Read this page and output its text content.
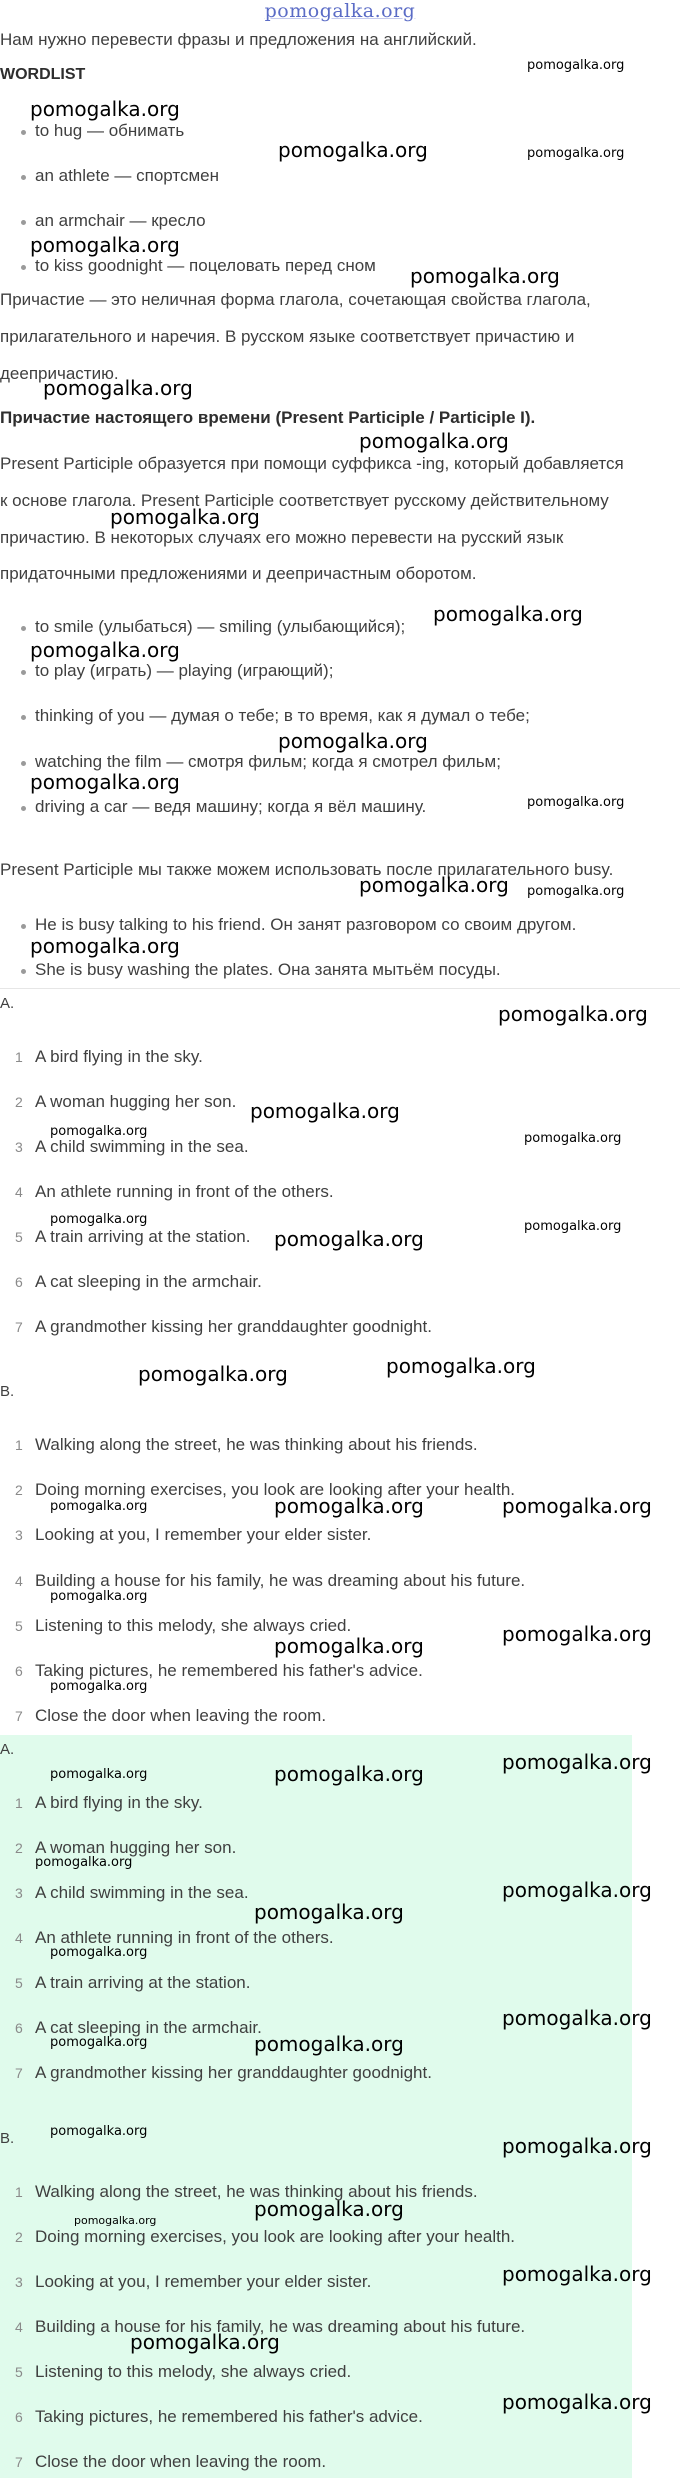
pomogalka.org
Нам нужно перевести фразы и предложения на английский.
WORDLIST
to hug — обнимать
an athlete — спортсмен
an armchair — кресло
to kiss goodnight — поцеловать перед сном
Причастие — это неличная форма глагола, сочетающая свойства глагола,
прилагательного и наречия. В русском языке соответствует причастию и
деепричастию.
Причастие настоящего времени (Present Participle / Participle I).
Present Participle образуется при помощи суффикса -ing, который добавляется
к основе глагола. Present Participle соответствует русскому действительному
причастию. В некоторых случаях его можно перевести на русский язык
придаточными предложениями и деепричастным оборотом.
to smile (улыбаться) — smiling (улыбающийся);
to play (играть) — playing (играющий);
thinking of you — думая о тебе; в то время, как я думал о тебе;
watching the film — смотря фильм; когда я смотрел фильм;
driving a car — ведя машину; когда я вёл машину.
Present Participle мы также можем использовать после прилагательного busy.
He is busy talking to his friend. Он занят разговором со своим другом.
She is busy washing the plates. Она занята мытьём посуды.
A.
1 A bird flying in the sky.
2 A woman hugging her son.
3 A child swimming in the sea.
4 An athlete running in front of the others.
5 A train arriving at the station.
6 A cat sleeping in the armchair.
7 A grandmother kissing her granddaughter goodnight.
B.
1 Walking along the street, he was thinking about his friends.
2 Doing morning exercises, you look are looking after your health.
3 Looking at you, I remember your elder sister.
4 Building a house for his family, he was dreaming about his future.
5 Listening to this melody, she always cried.
6 Taking pictures, he remembered his father's advice.
7 Close the door when leaving the room.
A.
1 A bird flying in the sky.
2 A woman hugging her son.
3 A child swimming in the sea.
4 An athlete running in front of the others.
5 A train arriving at the station.
6 A cat sleeping in the armchair.
7 A grandmother kissing her granddaughter goodnight.
B.
1 Walking along the street, he was thinking about his friends.
2 Doing morning exercises, you look are looking after your health.
3 Looking at you, I remember your elder sister.
4 Building a house for his family, he was dreaming about his future.
5 Listening to this melody, she always cried.
6 Taking pictures, he remembered his father's advice.
7 Close the door when leaving the room.
pomogalka.org
pomogalka.org
pomogalka.org	pomogalka.org
pomogalka.org
pomogalka.org
pomogalka.org
pomogalka.org
pomogalka.org
pomogalka.org
pomogalka.org
pomogalka.org
pomogalka.org
pomogalka.org
pomogalka.org pomogalka.org
pomogalka.org
pomogalka.org
pomogalka.org
pomogalka.org	pomogalka.org
pomogalka.org	pomogalka.org
pomogalka.org
pomogalka.org
pomogalka.org
pomogalka.org	pomogalka.org	pomogalka.org
pomogalka.org
pomogalka.org
pomogalka.org
pomogalka.org
pomogalka.org
pomogalka.org	pomogalka.org
pomogalka.org
pomogalka.org
pomogalka.org
pomogalka.org
pomogalka.org
pomogalka.org	pomogalka.org
pomogalka.org
pomogalka.org
pomogalka.org
pomogalka.org
pomogalka.org
pomogalka.org
pomogalka.org
